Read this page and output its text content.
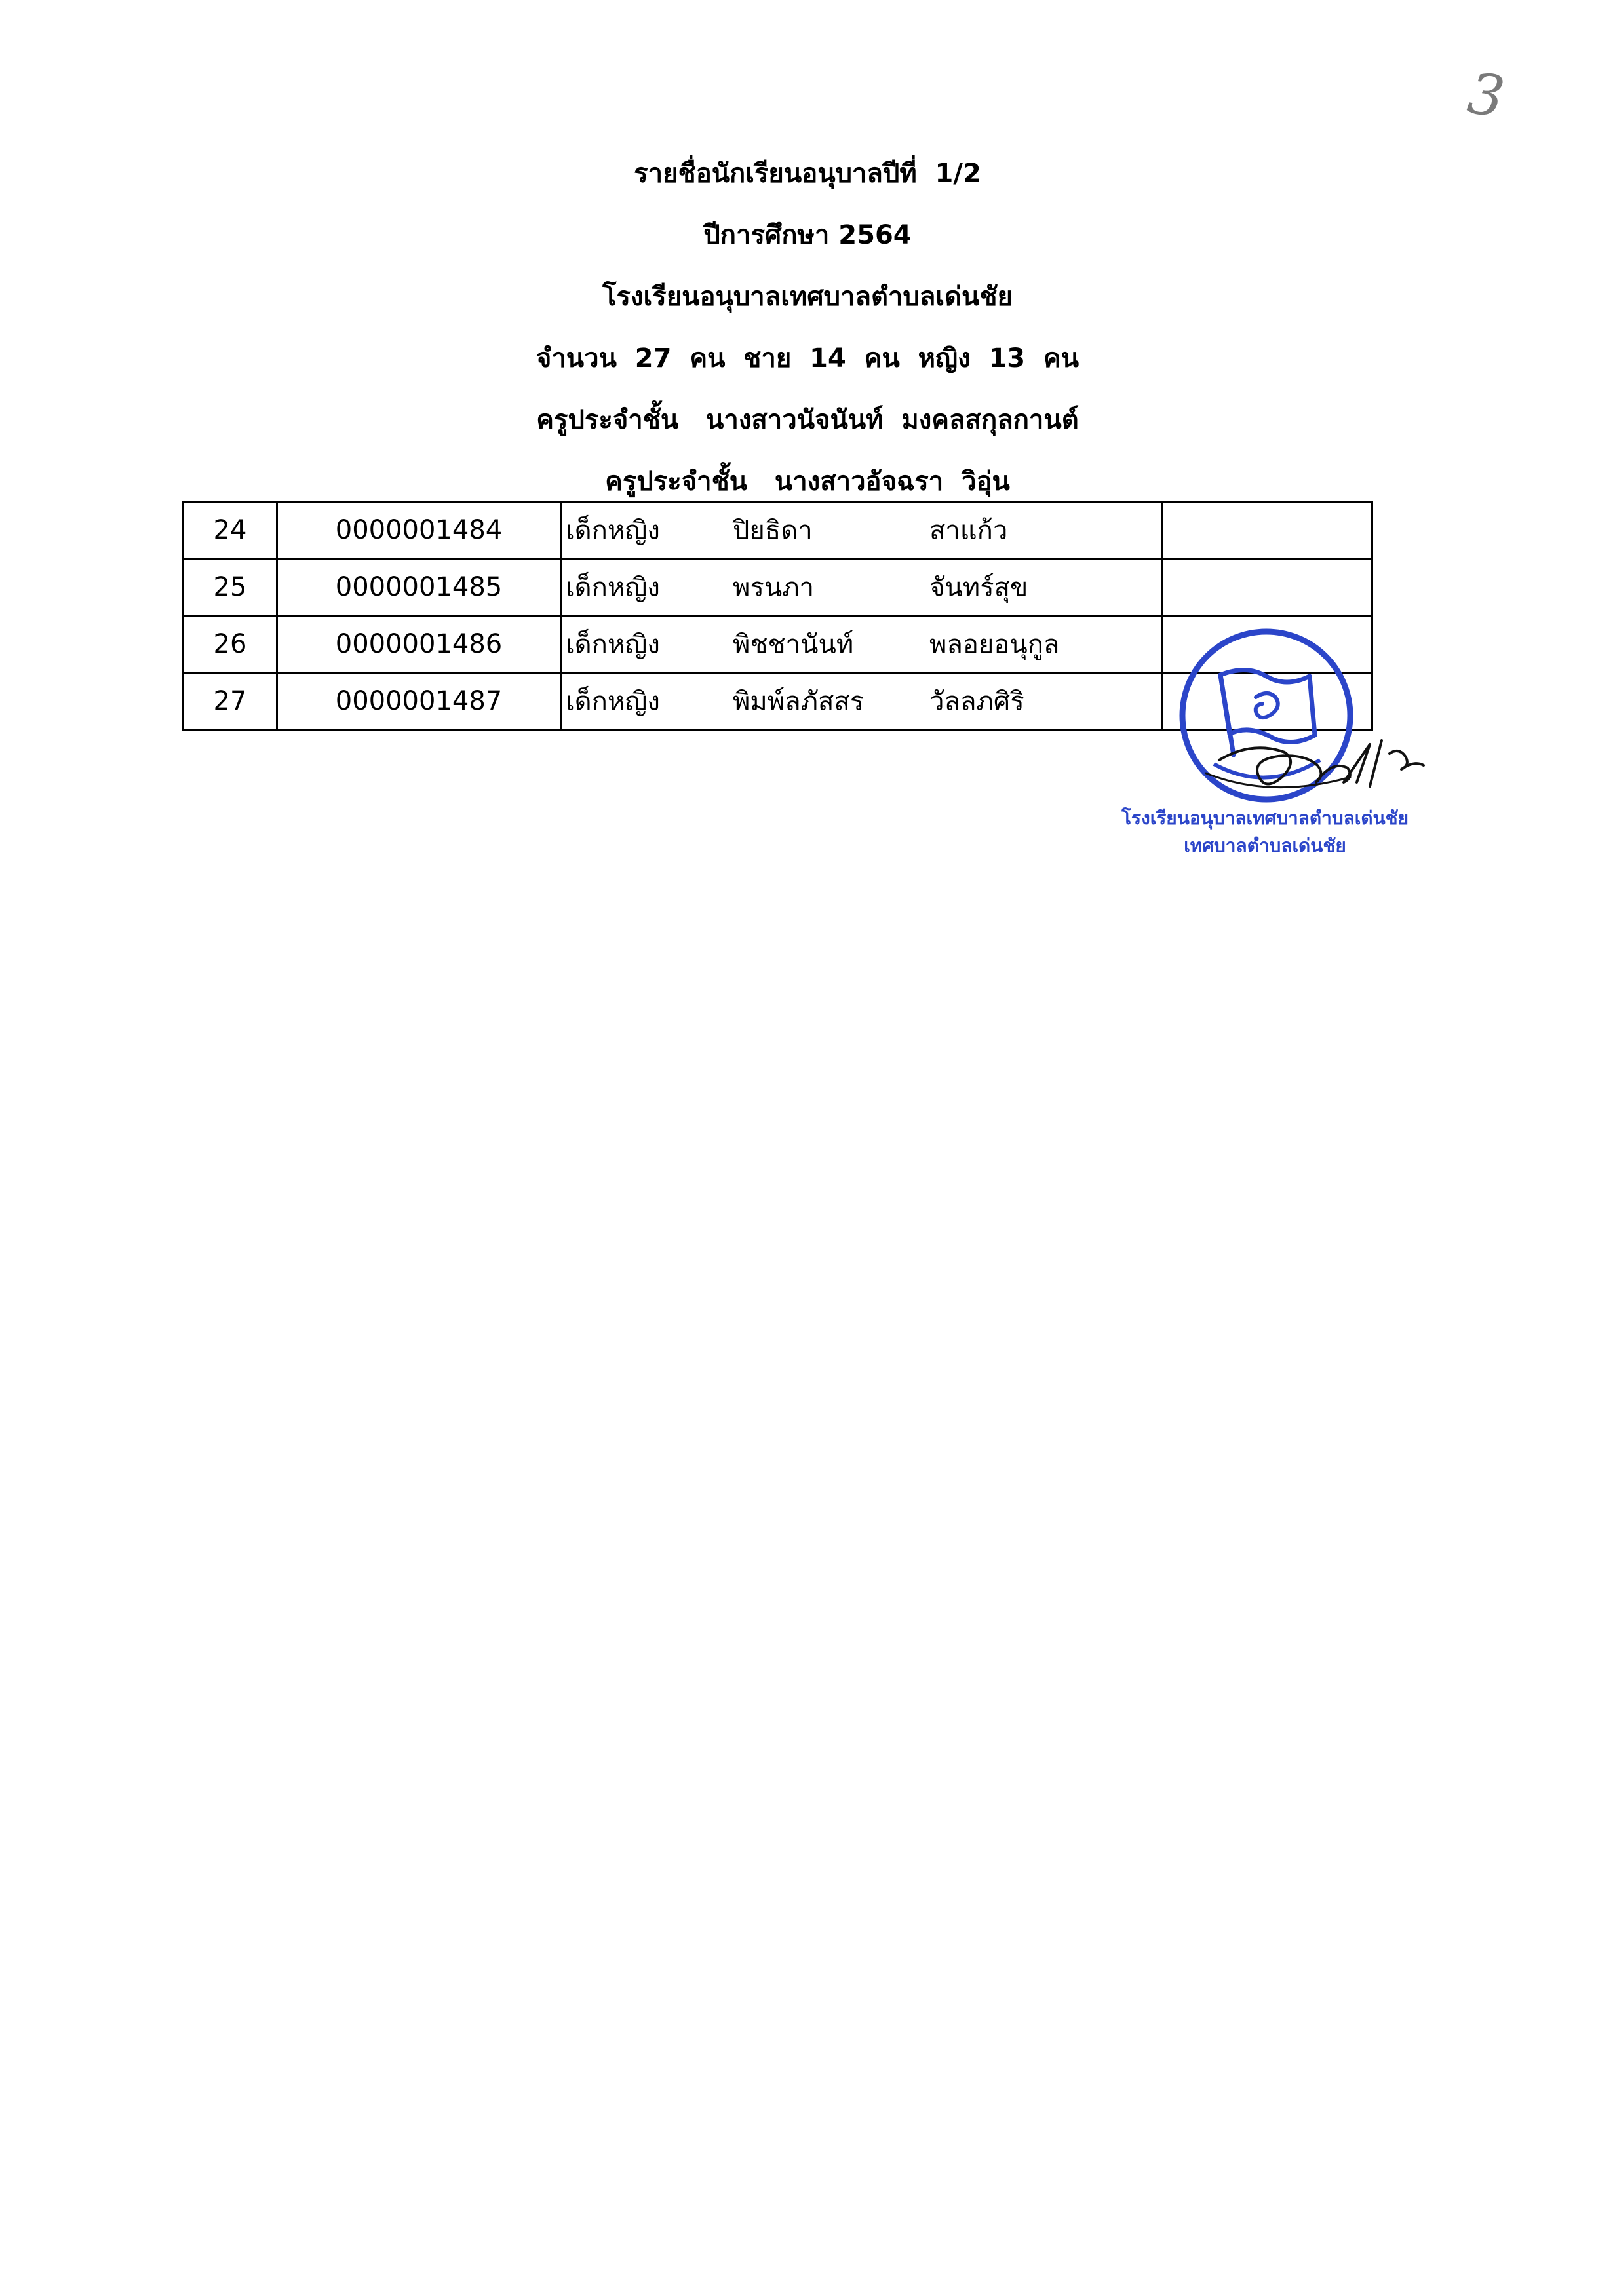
3
รายชื่อนักเรียนอนุบาลปีที่  1/2
ปีการศึกษา 2564
โรงเรียนอนุบาลเทศบาลตำบลเด่นชัย
จำนวน  27  คน  ชาย  14  คน  หญิง  13  คน
ครูประจำชั้น   นางสาวนัจนันท์  มงคลสกุลกานต์
ครูประจำชั้น   นางสาวอัจฉรา  วิอุ่น
24	0000001484	เด็กหญิง ปิยธิดา สาแก้ว	

25	0000001485	เด็กหญิง พรนภา จันทร์สุข	

26	0000001486	เด็กหญิง พิชชานันท์ พลอยอนุกูล	

27	0000001487	เด็กหญิง พิมพ์ลภัสสร วัลลภศิริ	

โรงเรียนอนุบาลเทศบาลตำบลเด่นชัย
เทศบาลตำบลเด่นชัย
